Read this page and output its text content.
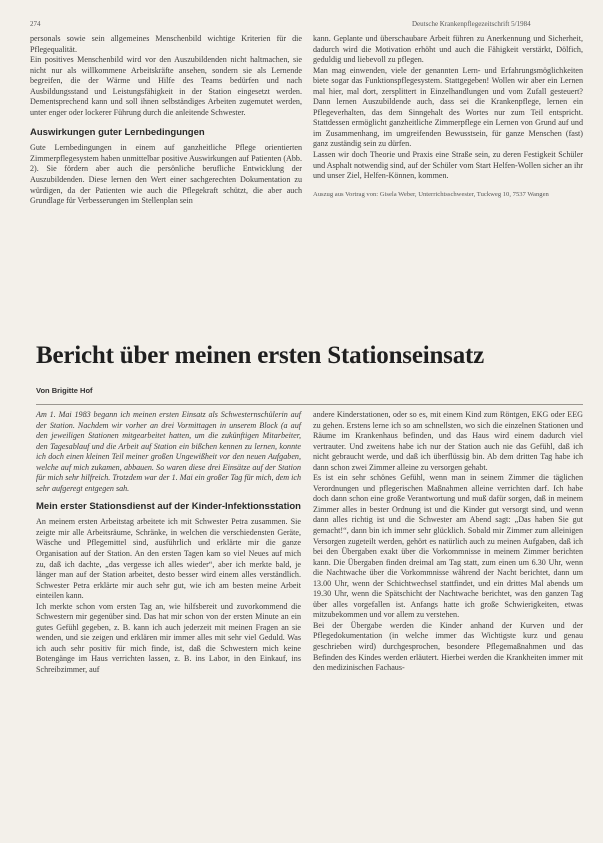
274	Deutsche Krankenpflegezeitschrift 5/1984

personals sowie sein allgemeines Menschenbild wichtige Kriterien für die Pflegequalität.

Ein positives Menschenbild wird vor den Auszubildenden nicht haltmachen, sie nicht nur als willkommene Arbeitskräfte ansehen, sondern sie als Lernende begreifen, die der Wärme und Hilfe des Teams bedürfen und nach Ausbildungsstand und Leistungsfähigkeit in der Station eingesetzt werden. Dementsprechend kann und soll ihnen selbständiges Arbeiten zugemutet werden, unter enger oder lockerer Führung durch die anleitende Schwester.

Auswirkungen guter Lernbedingungen

Gute Lernbedingungen in einem auf ganzheitliche Pflege orientierten Zimmerpflegesystem haben unmittelbar positive Auswirkungen auf Patienten (Abb. 2). Sie fördern aber auch die persönliche berufliche Entwicklung der Auszubildenden. Diese lernen den Wert einer sachgerechten Dokumentation zu würdigen, da der Patienten wie auch die Pflegekraft schützt, die aber auch Grundlage für Verbesserungen im Stellenplan sein

kann. Geplante und überschaubare Arbeit führen zu Anerkennung und Sicherheit, dadurch wird die Motivation erhöht und auch die Fähigkeit verstärkt, Dölfich, geduldig und liebevoll zu pflegen.

Man mag einwenden, viele der genannten Lern- und Erfahrungsmöglichkeiten biete sogar das Funktionspflegesystem. Stattgegeben! Wollen wir aber ein Lernen mal hier, mal dort, zersplittert in Einzelhandlungen und vom Zufall gesteuert? Dann lernen Auszubildende auch, dass sei die Krankenpflege, lernen ein Pflegeverhalten, das dem Sinngehalt des Wortes nur zum Teil entspricht. Stattdessen ermöglicht ganzheitliche Zimmerpflege ein Lernen von Grund auf und im Zusammenhang, im umgreifenden Bewusstsein, für ganze Menschen (fast) ganz zuständig sein zu dürfen.

Lassen wir doch Theorie und Praxis eine Straße sein, zu deren Festigkeit Schüler und Asphalt notwendig sind, auf der Schüler vom Start Helfen-Wollen sicher an ihr und unser Ziel, Helfen-Können, kommen.

Auszug aus Vortrag von: Gisela Weber, Unterrichtsschwester, Tuckweg 10, 7537 Wangen
Bericht über meinen ersten Stationseinsatz
Von Brigitte Hof

Am 1. Mai 1983 begann ich meinen ersten Einsatz als Schwesternschülerin auf der Station. Nachdem wir vorher an drei Vormittagen in unserem Block (a auf den jeweiligen Stationen mitgearbeitet hatten, um die zukünftigen Mitarbeiter, den Tagesablauf und die Arbeit auf Station ein bißchen kennen zu lernen, konnte ich doch einen kleinen Teil meiner großen Ungewißheit vor den neuen Aufgaben, welche auf mich zukamen, abbauen. So waren diese drei Einsätze auf der Station für mich sehr hilfreich. Trotzdem war der 1. Mai ein großer Tag für mich, dem ich sehr aufgeregt entgegen sah.

Mein erster Stationsdienst auf der Kinder-Infektionsstation

An meinem ersten Arbeitstag arbeitete ich mit Schwester Petra zusammen. Sie zeigte mir alle Arbeitsräume, Schränke, in welchen die verschiedensten Geräte, Wäsche und Pflegemittel sind, ausführlich und erklärte mir die ganze Organisation auf der Station. An den ersten Tagen kam so viel Neues auf mich zu, daß ich dachte, „das vergesse ich alles wieder“, aber ich merkte bald, je länger man auf der Station arbeitet, desto besser wird einem alles verständlich. Schwester Petra erklärte mir auch sehr gut, wie ich am besten meine Arbeit einteilen kann.

Ich merkte schon vom ersten Tag an, wie hilfsbereit und zuvorkommend die Schwestern mir gegenüber sind. Das hat mir schon von der ersten Minute an ein gutes Gefühl gegeben, z. B. kann ich auch jederzeit mit meinen Fragen an sie wenden, und sie zeigen und erklären mir immer alles mit sehr viel Geduld. Was ich auch sehr positiv für mich finde, ist, daß die Schwestern mich keine Botengänge im Haus verrichten lassen, z. B. ins Labor, in den Einkauf, ins Schreibzimmer, auf

andere Kinderstationen, oder so es, mit einem Kind zum Röntgen, EKG oder EEG zu gehen. Erstens lerne ich so am schnellsten, wo sich die einzelnen Stationen und Räume im Krankenhaus befinden, und das Haus wird einem dadurch viel vertrauter. Und zweitens habe ich nur der Station auch nie das Gefühl, daß ich nicht gebraucht werde, und daß ich überflüssig bin. Ab dem dritten Tag habe ich dann schon zwei Zimmer alleine zu versorgen gehabt.

Es ist ein sehr schönes Gefühl, wenn man in seinem Zimmer die täglichen Verordnungen und pflegerischen Maßnahmen alleine verrichten darf. Ich habe doch dann schon eine große Verantwortung und muß dafür sorgen, daß in meinem Zimmer alles in bester Ordnung ist und die Kinder gut versorgt sind, und wenn dann alles richtig ist und die Schwester am Abend sagt: „Das haben Sie gut gemacht!“, dann bin ich immer sehr glücklich. Sobald mir Zimmer zum alleinigen Versorgen zugeteilt werden, gehört es natürlich auch zu meinen Aufgaben, daß ich bei den Übergaben exakt über die Vorkommnisse in meinem Zimmer berichten kann. Die Übergaben finden dreimal am Tag statt, zum einen um 6.30 Uhr, wenn die Nachtwache über die Vorkommnisse während der Nacht berichtet, dann um 13.00 Uhr, wenn der Schichtwechsel stattfindet, und ein drittes Mal abends um 19.30 Uhr, wenn die Spätschicht der Nachtwache berichtet, was den ganzen Tag über alles vorgefallen ist. Anfangs hatte ich große Schwierigkeiten, etwas mitzubekommen und vor allem zu verstehen.

Bei der Übergabe werden die Kinder anhand der Kurven und der Pflegedokumentation (in welche immer das Wichtigste kurz und genau geschrieben wird) durchgesprochen, besondere Pflegemaßnahmen und das Befinden des Kindes werden erläutert. Hierbei werden die Krankheiten immer mit den medizinischen Fachaus-
